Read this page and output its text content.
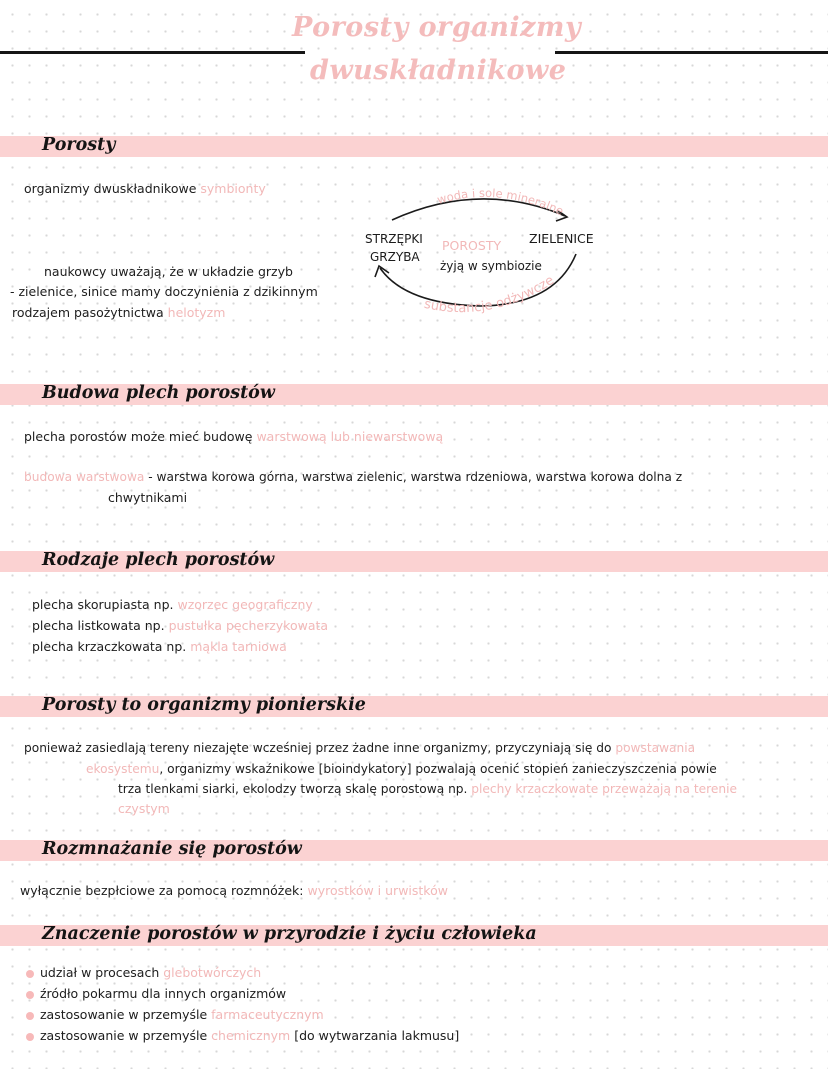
Porosty organizmy
dwuskładnikowe
Porosty
organizmy dwuskładnikowe symbionty
naukowcy uważają, że w układzie grzyb
- zielenice, sinice mamy doczynienia z dzikinnym
rodzajem pasożytnictwa helotyzm
woda i sole mineralne
substancje odżywcze
STRZĘPKI
GRZYBA
ZIELENICE
POROSTY
żyją w symbiozie
Budowa plech porostów
plecha porostów może mieć budowę warstwową lub niewarstwową
budowa warstwowa - warstwa korowa górna, warstwa zielenic, warstwa rdzeniowa, warstwa korowa dolna z
chwytnikami
Rodzaje plech porostów
plecha skorupiasta np. wzorzec geograficzny
plecha listkowata np. pustułka pęcherzykowata
plecha krzaczkowata np. mąkla tarniowa
Porosty to organizmy pionierskie
ponieważ zasiedlają tereny niezajęte wcześniej przez żadne inne organizmy, przyczyniają się do powstawania
ekosystemu, organizmy wskaźnikowe [bioindykatory] pozwalają ocenić stopień zanieczyszczenia powie
trza tlenkami siarki, ekolodzy tworzą skalę porostową np. plechy krzaczkowate przeważają na terenie
czystym
Rozmnażanie się porostów
wyłącznie bezpłciowe za pomocą rozmnóżek: wyrostków i urwistków
Znaczenie porostów w przyrodzie i życiu człowieka
udział w procesach glebotwórczych
źródło pokarmu dla innych organizmów
zastosowanie w przemyśle farmaceutycznym
zastosowanie w przemyśle chemicznym [do wytwarzania lakmusu]
